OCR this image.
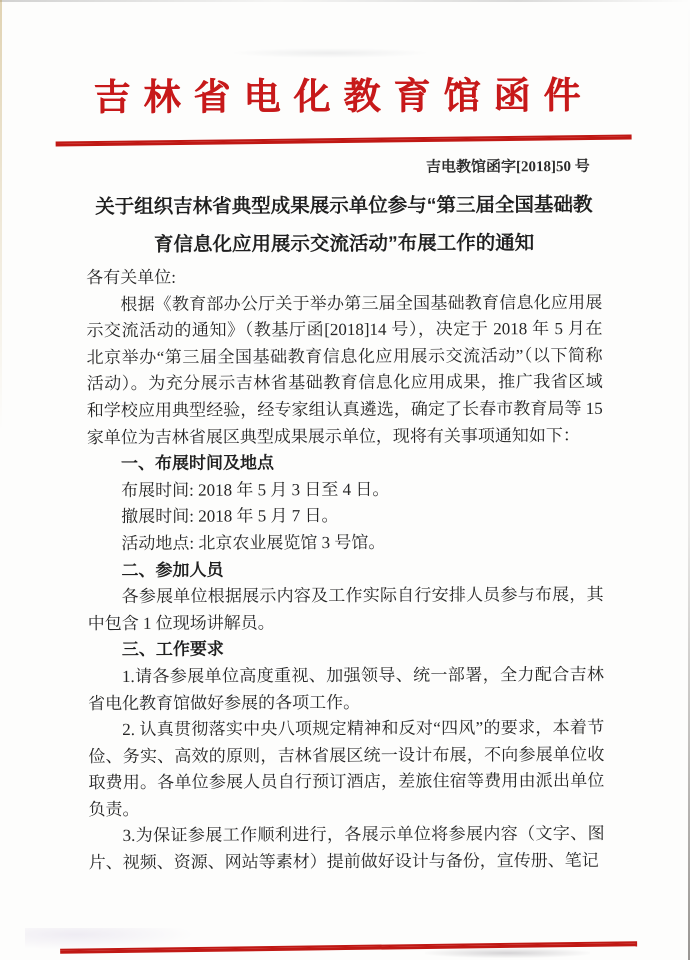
吉林省电化教育馆函件
吉电教馆函字[2018]50 号
关于组织吉林省典型成果展示单位参与“第三届全国基础教
育信息化应用展示交流活动”布展工作的通知
各有关单位:
根据《教育部办公厅关于举办第三届全国基础教育信息化应用展示交流活动的通知》（教基厅函[2018]14 号），决定于 2018 年 5 月在北京举办“第三届全国基础教育信息化应用展示交流活动”（以下简称活动）。为充分展示吉林省基础教育信息化应用成果，推广我省区域和学校应用典型经验，经专家组认真遴选，确定了长春市教育局等 15 家单位为吉林省展区典型成果展示单位，现将有关事项通知如下：
一、布展时间及地点
布展时间: 2018 年 5 月 3 日至 4 日。
撤展时间: 2018 年 5 月 7 日。
活动地点: 北京农业展览馆 3 号馆。
二、参加人员
各参展单位根据展示内容及工作实际自行安排人员参与布展，其中包含 1 位现场讲解员。
三、工作要求
1.请各参展单位高度重视、加强领导、统一部署，全力配合吉林省电化教育馆做好参展的各项工作。
2. 认真贯彻落实中央八项规定精神和反对“四风”的要求，本着节俭、务实、高效的原则，吉林省展区统一设计布展，不向参展单位收取费用。各单位参展人员自行预订酒店，差旅住宿等费用由派出单位负责。
3.为保证参展工作顺利进行，各展示单位将参展内容（文字、图片、视频、资源、网站等素材）提前做好设计与备份，宣传册、笔记
